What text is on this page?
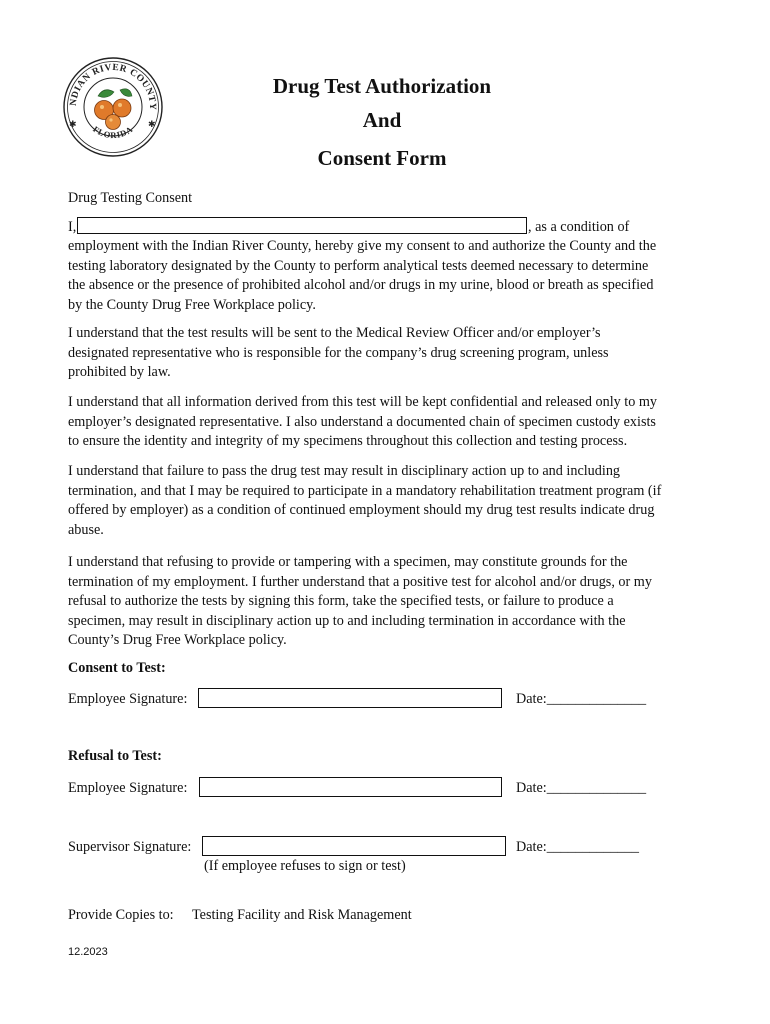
NDIAN RIVER COUNTY
FLORIDA
✱	✱
Drug Test Authorization
And
Consent Form
Drug Testing Consent
I,	, as a condition of
employment with the Indian River County, hereby give my consent to and authorize the County and the
testing laboratory designated by the County to perform analytical tests deemed necessary to determine
the absence or the presence of prohibited alcohol and/or drugs in my urine, blood or breath as specified
by the County Drug Free Workplace policy.
I understand that the test results will be sent to the Medical Review Officer and/or employer’s
designated representative who is responsible for the company’s drug screening program, unless
prohibited by law.
I understand that all information derived from this test will be kept confidential and released only to my
employer’s designated representative. I also understand a documented chain of specimen custody exists
to ensure the identity and integrity of my specimens throughout this collection and testing process.
I understand that failure to pass the drug test may result in disciplinary action up to and including
termination, and that I may be required to participate in a mandatory rehabilitation treatment program (if
offered by employer) as a condition of continued employment should my drug test results indicate drug
abuse.
I understand that refusing to provide or tampering with a specimen, may constitute grounds for the
termination of my employment. I further understand that a positive test for alcohol and/or drugs, or my
refusal to authorize the tests by signing this form, take the specified tests, or failure to produce a
specimen, may result in disciplinary action up to and including termination in accordance with the
County’s Drug Free Workplace policy.
Consent to Test:
Employee Signature:	Date:______________
Refusal to Test:
Employee Signature:	Date:______________
Supervisor Signature:	Date:_____________
(If employee refuses to sign or test)
Provide Copies to: Testing Facility and Risk Management
12.2023
